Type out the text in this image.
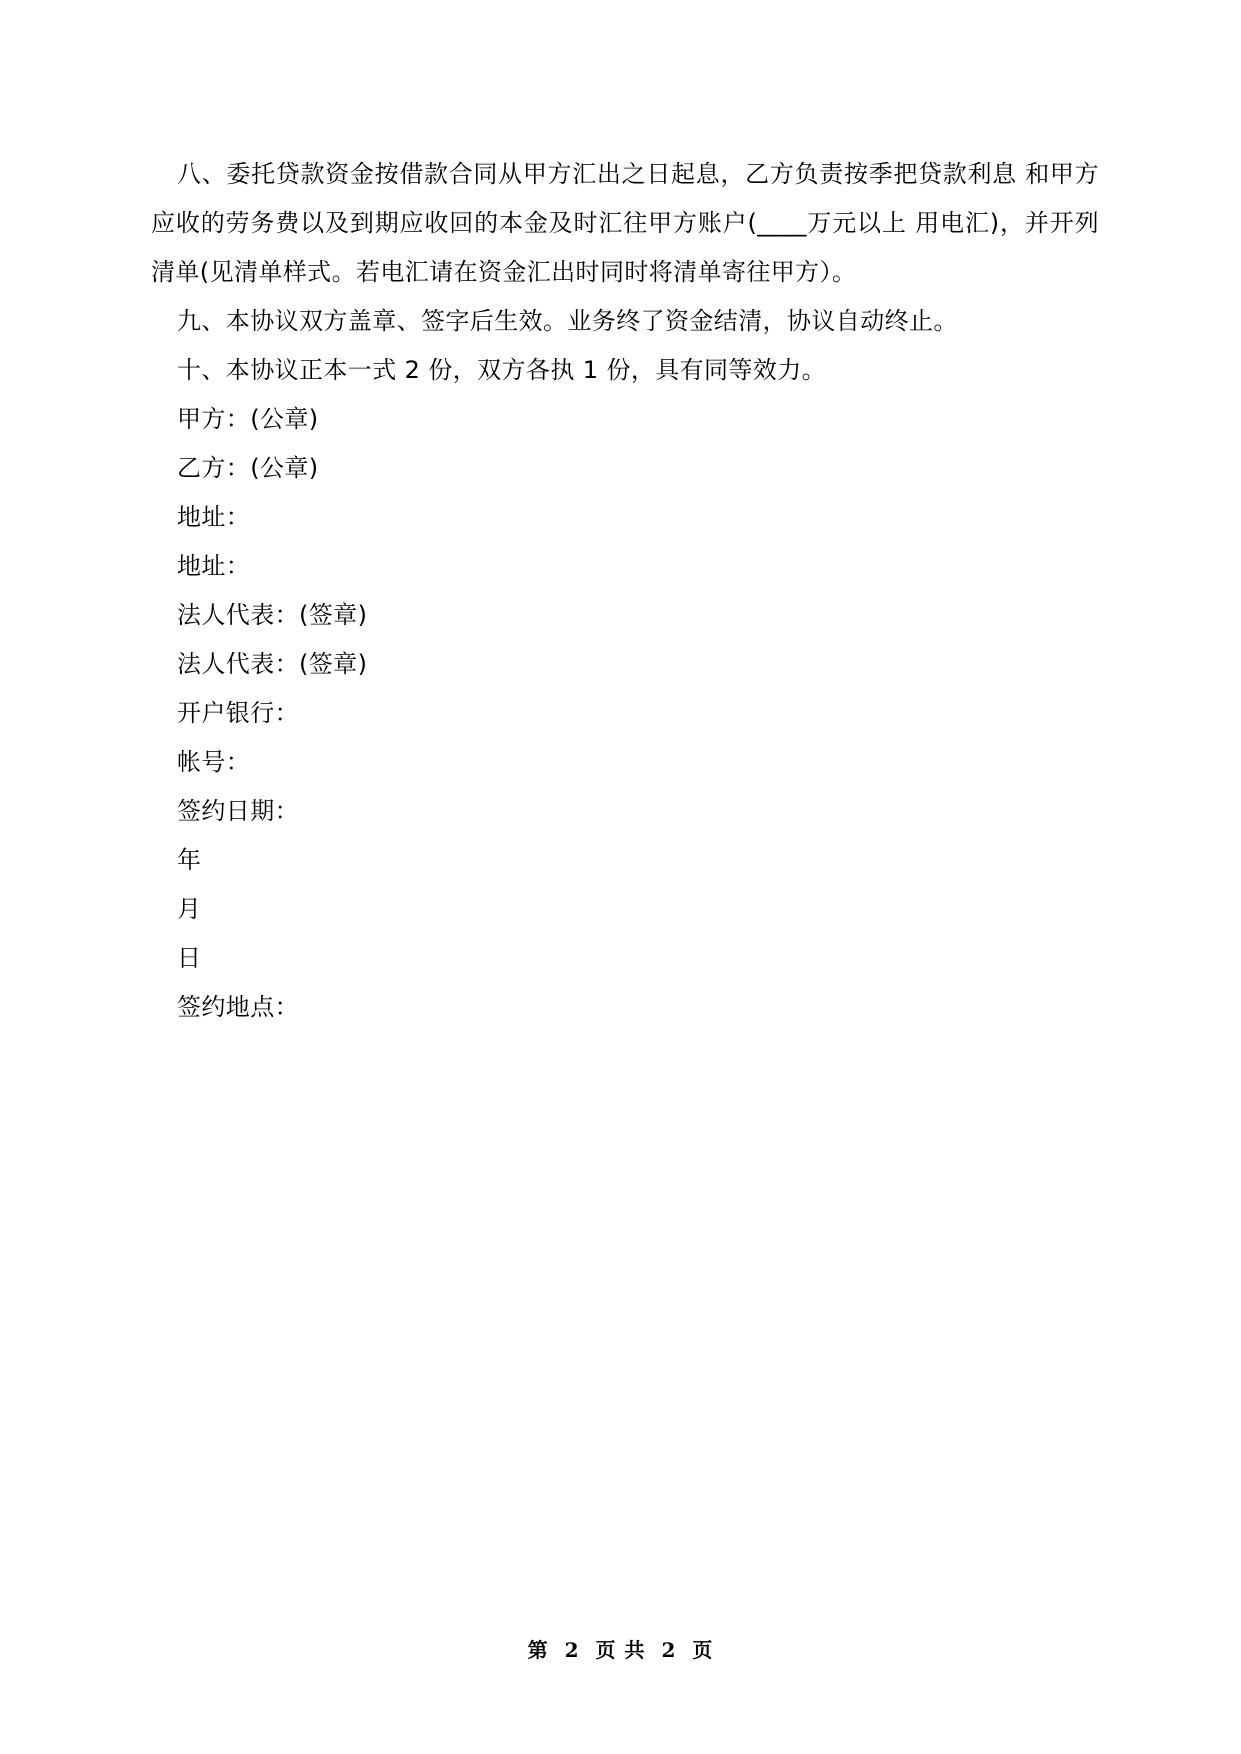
八、委托贷款资金按借款合同从甲方汇出之日起息，乙方负责按季把贷款利息 和甲方应收的劳务费以及到期应收回的本金及时汇往甲方账户(____万元以上 用电汇)，并开列清单(见清单样式。若电汇请在资金汇出时同时将清单寄往甲方）。

九、本协议双方盖章、签字后生效。业务终了资金结清，协议自动终止。

十、本协议正本一式 2 份，双方各执 1 份，具有同等效力。

甲方：(公章)

乙方：(公章)

地址：

地址：

法人代表：(签章)

法人代表：(签章)

开户银行：

帐号：

签约日期：

年

月

日

签约地点：

第 2 页 共 2 页
